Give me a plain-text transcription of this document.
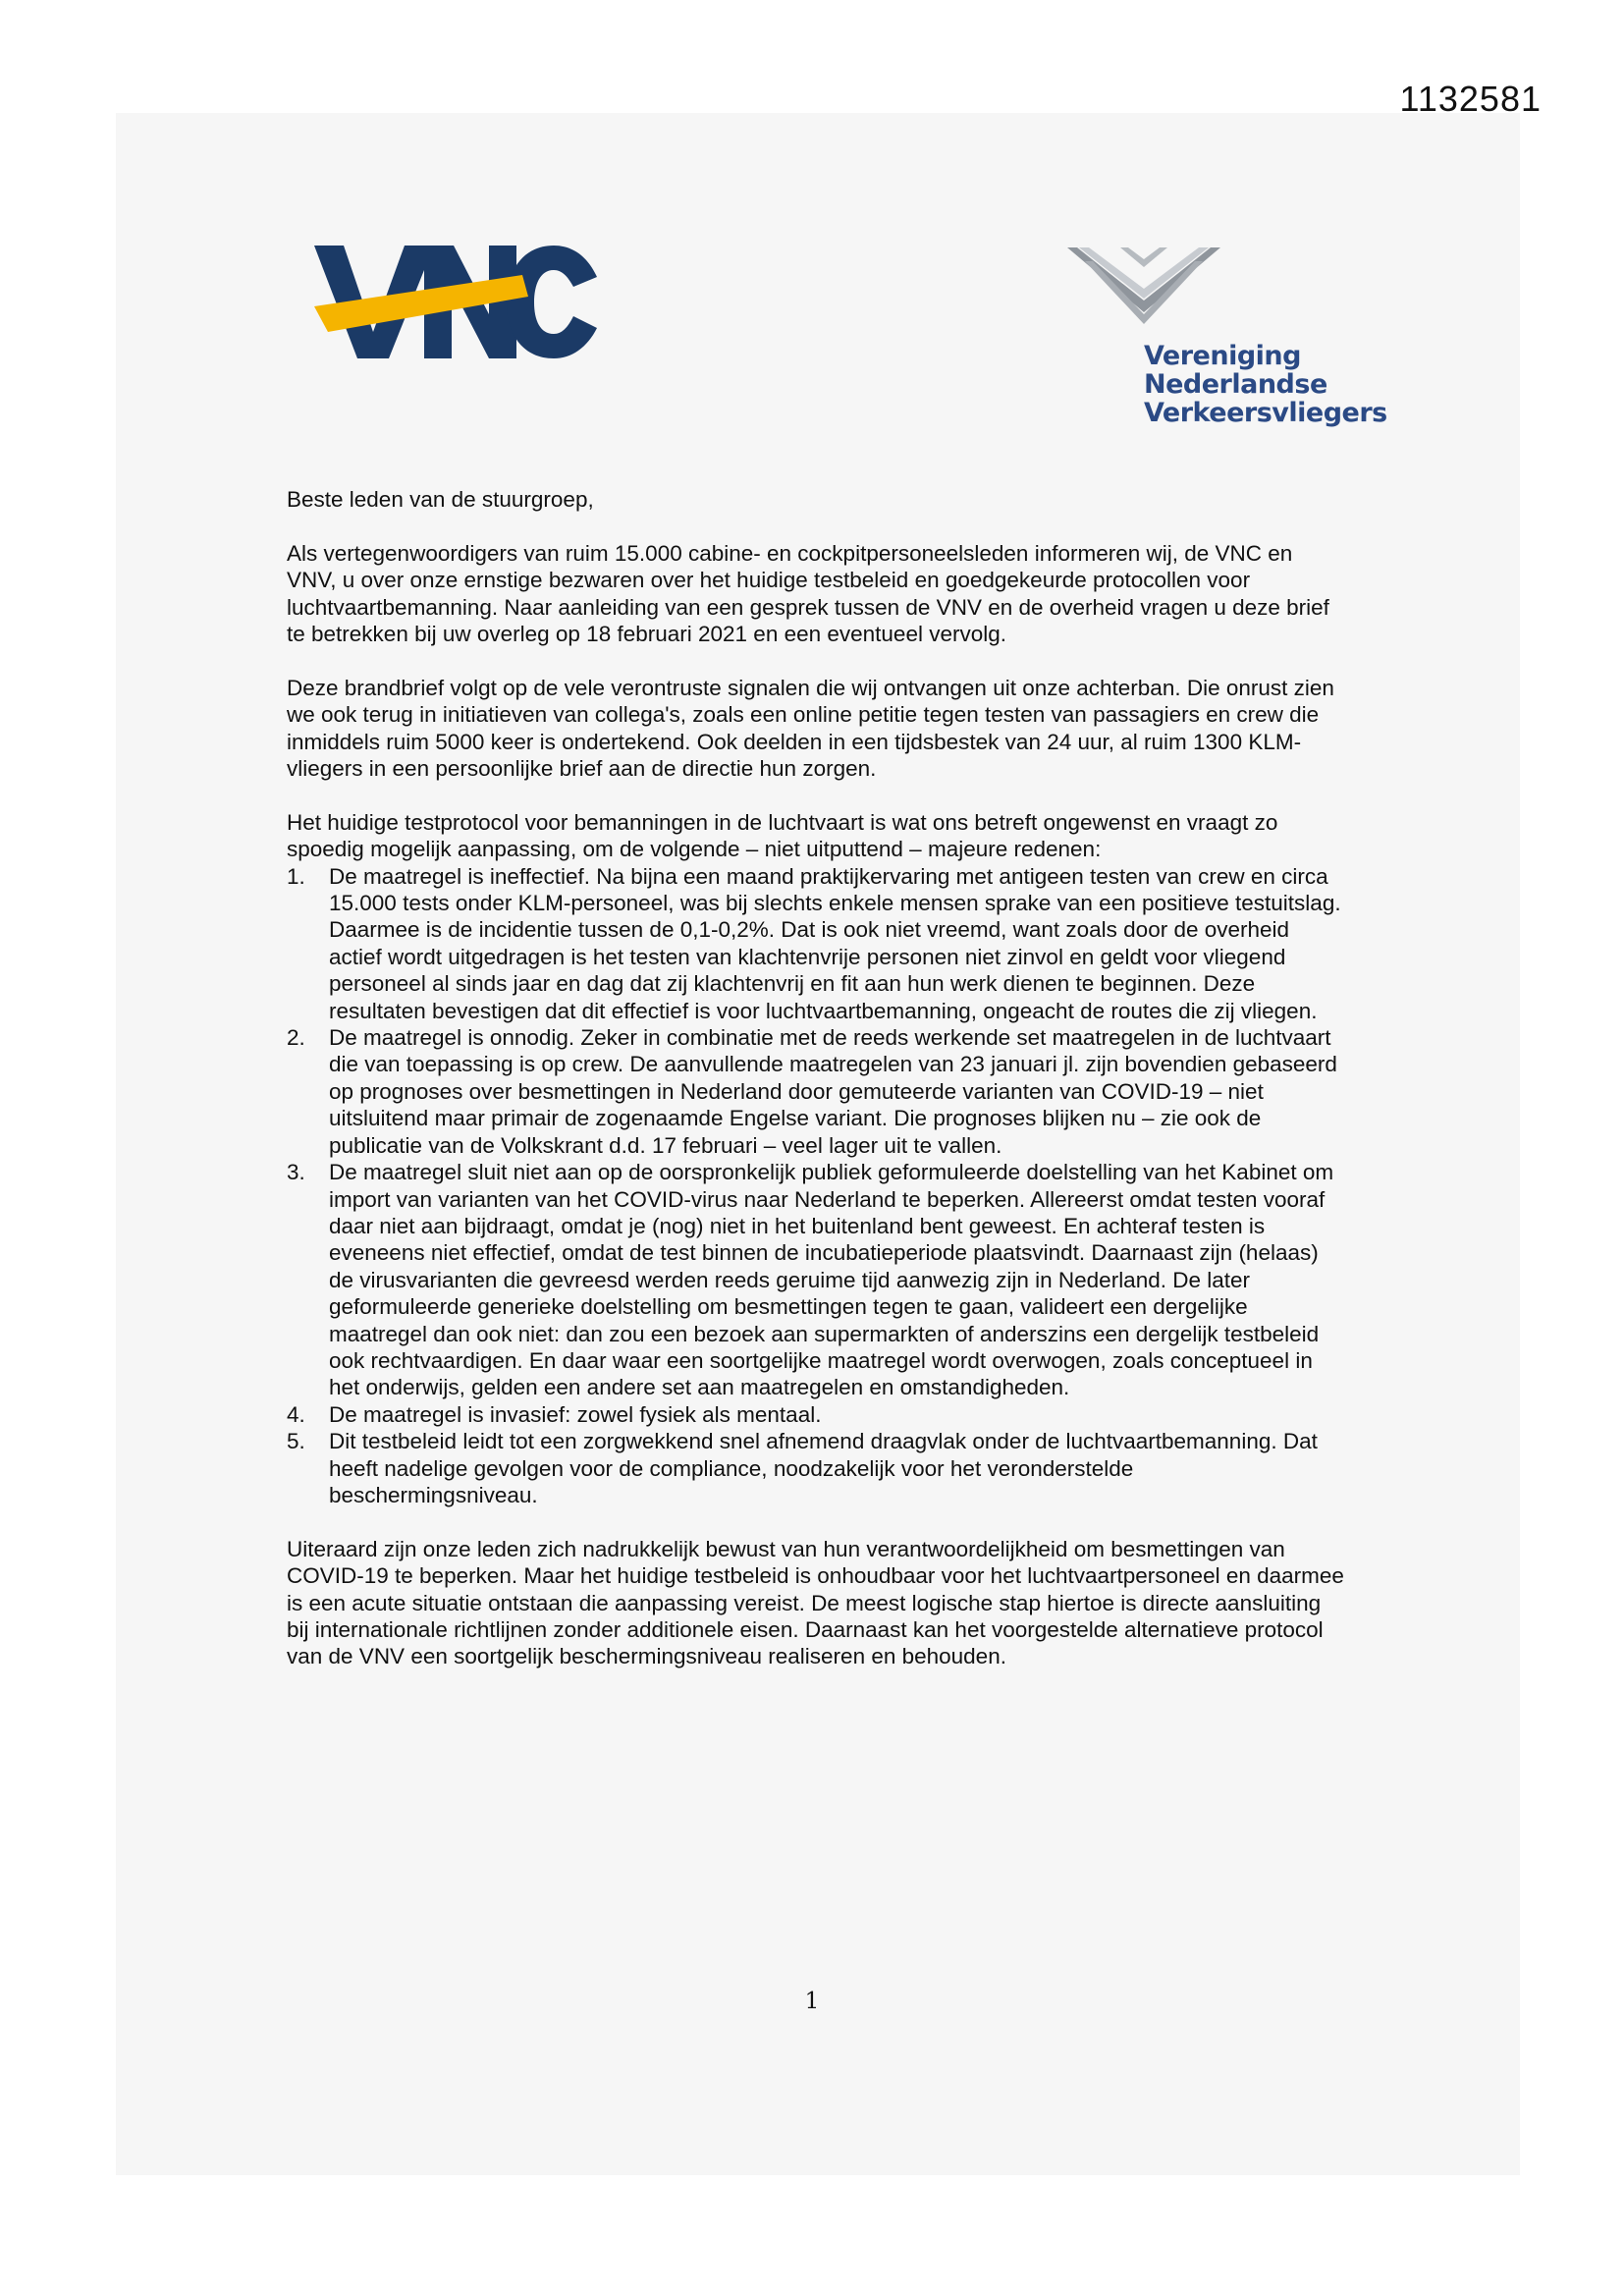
1132581
Vereniging
Nederlandse
Verkeersvliegers

Beste leden van de stuurgroep,

Als vertegenwoordigers van ruim 15.000 cabine- en cockpitpersoneelsleden informeren wij, de VNC en VNV, u over onze ernstige bezwaren over het huidige testbeleid en goedgekeurde protocollen voor luchtvaartbemanning. Naar aanleiding van een gesprek tussen de VNV en de overheid vragen u deze brief te betrekken bij uw overleg op 18 februari 2021 en een eventueel vervolg.

Deze brandbrief volgt op de vele verontruste signalen die wij ontvangen uit onze achterban. Die onrust zien we ook terug in initiatieven van collega's, zoals een online petitie tegen testen van passagiers en crew die inmiddels ruim 5000 keer is ondertekend. Ook deelden in een tijdsbestek van 24 uur, al ruim 1300 KLM-vliegers in een persoonlijke brief aan de directie hun zorgen.

Het huidige testprotocol voor bemanningen in de luchtvaart is wat ons betreft ongewenst en vraagt zo spoedig mogelijk aanpassing, om de volgende – niet uitputtend – majeure redenen:

1. De maatregel is ineffectief. Na bijna een maand praktijkervaring met antigeen testen van crew en circa 15.000 tests onder KLM-personeel, was bij slechts enkele mensen sprake van een positieve testuitslag. Daarmee is de incidentie tussen de 0,1-0,2%. Dat is ook niet vreemd, want zoals door de overheid actief wordt uitgedragen is het testen van klachtenvrije personen niet zinvol en geldt voor vliegend personeel al sinds jaar en dag dat zij klachtenvrij en fit aan hun werk dienen te beginnen. Deze resultaten bevestigen dat dit effectief is voor luchtvaartbemanning, ongeacht de routes die zij vliegen.
2. De maatregel is onnodig. Zeker in combinatie met de reeds werkende set maatregelen in de luchtvaart die van toepassing is op crew. De aanvullende maatregelen van 23 januari jl. zijn bovendien gebaseerd op prognoses over besmettingen in Nederland door gemuteerde varianten van COVID-19 – niet uitsluitend maar primair de zogenaamde Engelse variant. Die prognoses blijken nu – zie ook de publicatie van de Volkskrant d.d. 17 februari – veel lager uit te vallen.
3. De maatregel sluit niet aan op de oorspronkelijk publiek geformuleerde doelstelling van het Kabinet om import van varianten van het COVID-virus naar Nederland te beperken. Allereerst omdat testen vooraf daar niet aan bijdraagt, omdat je (nog) niet in het buitenland bent geweest. En achteraf testen is eveneens niet effectief, omdat de test binnen de incubatieperiode plaatsvindt. Daarnaast zijn (helaas) de virusvarianten die gevreesd werden reeds geruime tijd aanwezig zijn in Nederland. De later geformuleerde generieke doelstelling om besmettingen tegen te gaan, valideert een dergelijke maatregel dan ook niet: dan zou een bezoek aan supermarkten of anderszins een dergelijk testbeleid ook rechtvaardigen. En daar waar een soortgelijke maatregel wordt overwogen, zoals conceptueel in het onderwijs, gelden een andere set aan maatregelen en omstandigheden.
4. De maatregel is invasief: zowel fysiek als mentaal.
5. Dit testbeleid leidt tot een zorgwekkend snel afnemend draagvlak onder de luchtvaartbemanning. Dat heeft nadelige gevolgen voor de compliance, noodzakelijk voor het veronderstelde beschermingsniveau.

Uiteraard zijn onze leden zich nadrukkelijk bewust van hun verantwoordelijkheid om besmettingen van COVID-19 te beperken. Maar het huidige testbeleid is onhoudbaar voor het luchtvaartpersoneel en daarmee is een acute situatie ontstaan die aanpassing vereist. De meest logische stap hiertoe is directe aansluiting bij internationale richtlijnen zonder additionele eisen. Daarnaast kan het voorgestelde alternatieve protocol van de VNV een soortgelijk beschermingsniveau realiseren en behouden.

1
